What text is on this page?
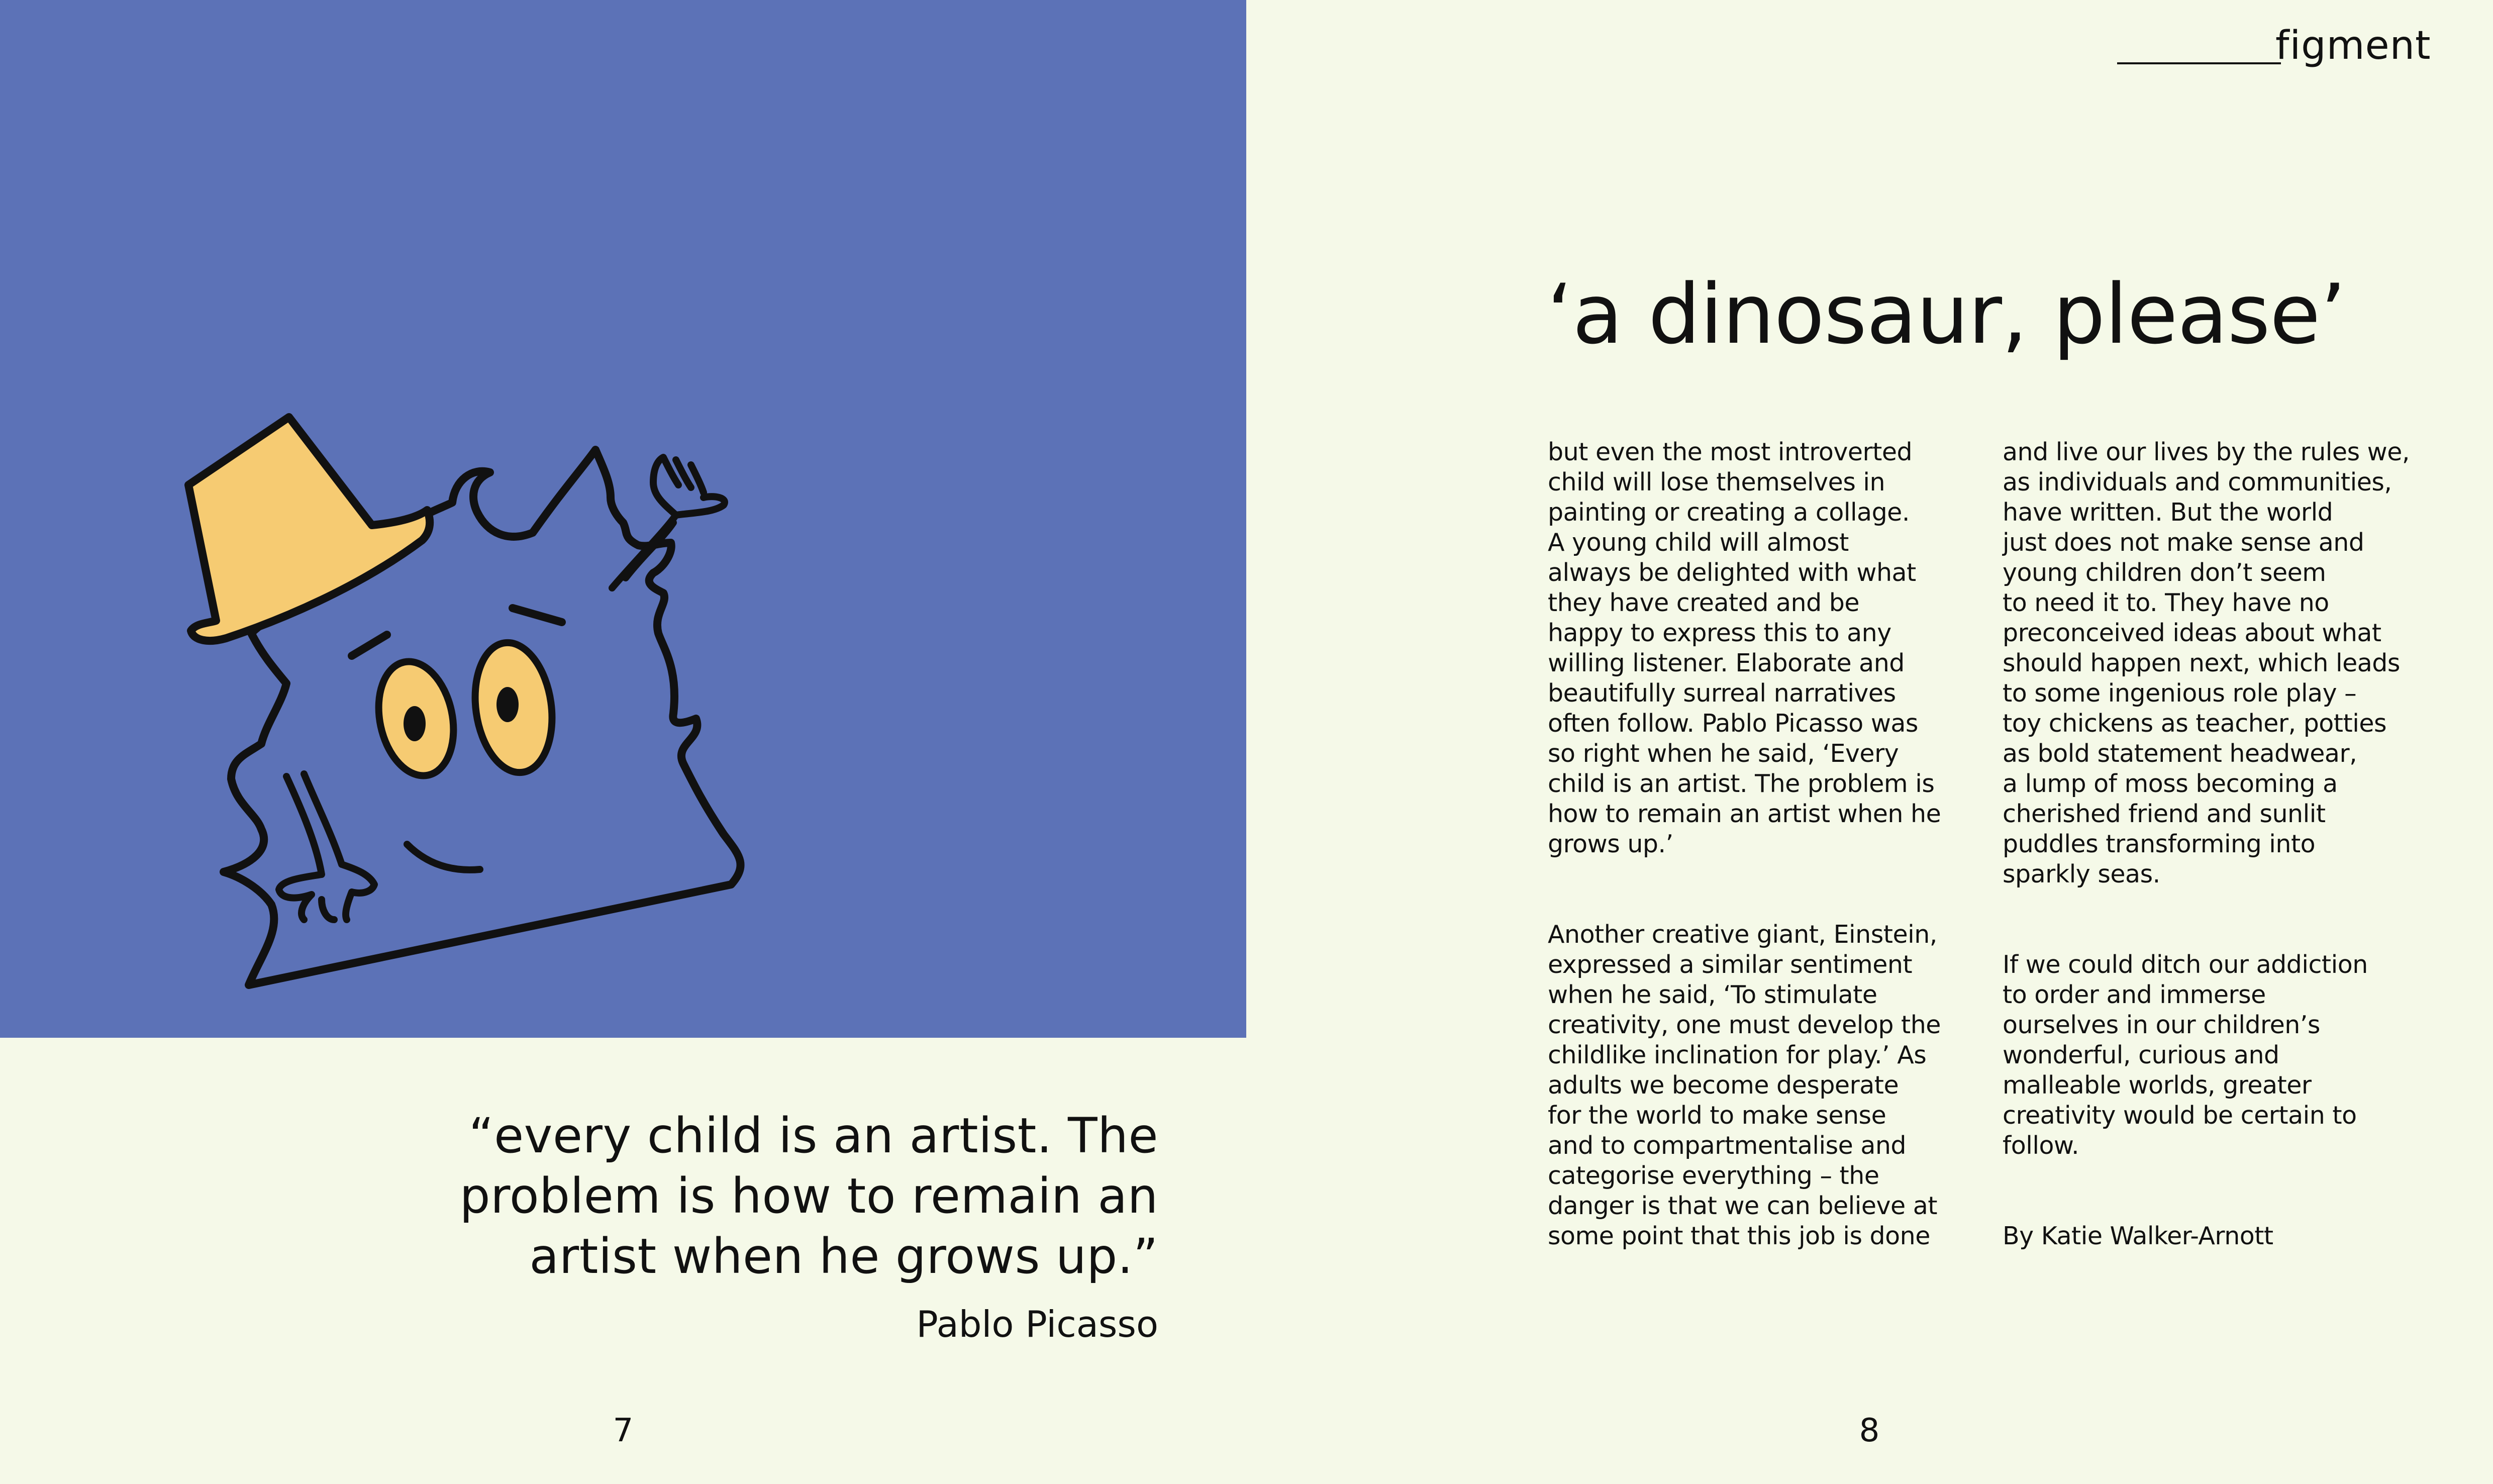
figment
“every child is an artist. The
problem is how to remain an
artist when he grows up.”
Pablo Picasso
‘a dinosaur, please’

but even the most introverted
child will lose themselves in
painting or creating a collage.
A young child will almost
always be delighted with what
they have created and be
happy to express this to any
willing listener. Elaborate and
beautifully surreal narratives
often follow. Pablo Picasso was
so right when he said, ‘Every
child is an artist. The problem is
how to remain an artist when he
grows up.’

Another creative giant, Einstein,
expressed a similar sentiment
when he said, ‘To stimulate
creativity, one must develop the
childlike inclination for play.’ As
adults we become desperate
for the world to make sense
and to compartmentalise and
categorise everything – the
danger is that we can believe at
some point that this job is done

and live our lives by the rules we,
as individuals and communities,
have written. But the world
just does not make sense and
young children don’t seem
to need it to. They have no
preconceived ideas about what
should happen next, which leads
to some ingenious role play –
toy chickens as teacher, potties
as bold statement headwear,
a lump of moss becoming a
cherished friend and sunlit
puddles transforming into
sparkly seas.

If we could ditch our addiction
to order and immerse
ourselves in our children’s
wonderful, curious and
malleable worlds, greater
creativity would be certain to
follow.

By Katie Walker-Arnott

7	8
